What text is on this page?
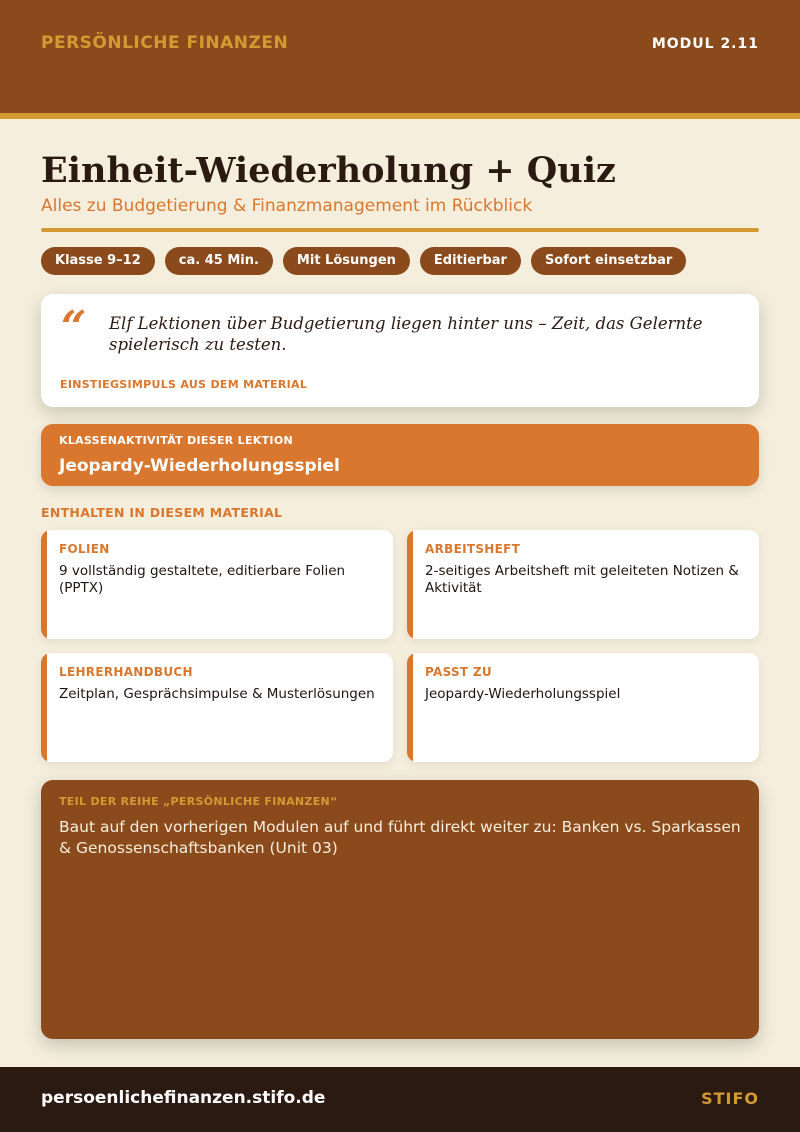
PERSÖNLICHE FINANZEN	MODUL 2.11
Einheit-Wiederholung + Quiz
Alles zu Budgetierung & Finanzmanagement im Rückblick
Klasse 9–12	ca. 45 Min.	Mit Lösungen	Editierbar	Sofort einsetzbar
“ Elf Lektionen über Budgetierung liegen hinter uns – Zeit, das Gelernte spielerisch zu testen.
EINSTIEGSIMPULS AUS DEM MATERIAL
KLASSENAKTIVITÄT DIESER LEKTION
Jeopardy-Wiederholungsspiel
ENTHALTEN IN DIESEM MATERIAL
FOLIEN
9 vollständig gestaltete, editierbare Folien (PPTX)
ARBEITSHEFT
2-seitiges Arbeitsheft mit geleiteten Notizen & Aktivität
LEHRERHANDBUCH
Zeitplan, Gesprächsimpulse & Musterlösungen
PASST ZU
Jeopardy-Wiederholungsspiel
TEIL DER REIHE „PERSÖNLICHE FINANZEN“
Baut auf den vorherigen Modulen auf und führt direkt weiter zu: Banken vs. Sparkassen & Genossenschaftsbanken (Unit 03)
persoenlichefinanzen.stifo.de	STIFO
